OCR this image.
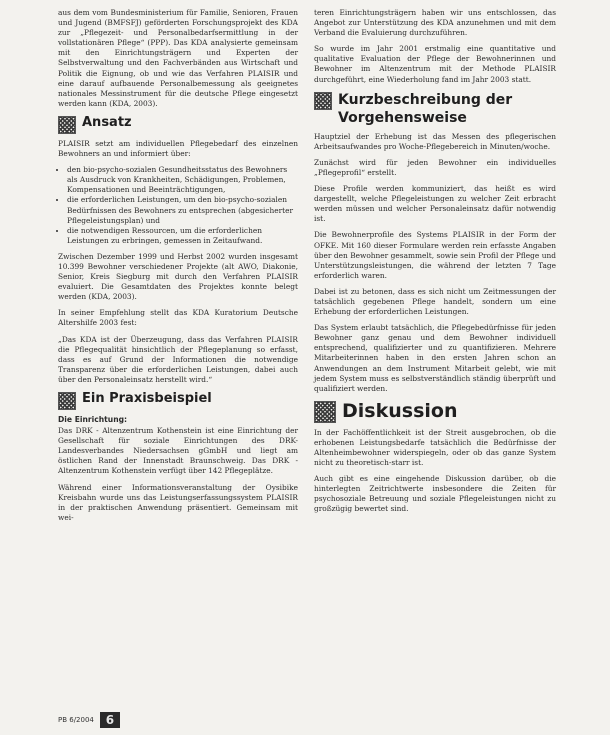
aus dem vom Bundesministerium für Familie, Senioren, Frauen und Jugend (BMFSFJ) geförderten Forschungsprojekt des KDA zur „Pflegezeit- und Personalbedarfsermittlung in der vollstationären Pflege“ (PPP). Das KDA analysierte gemeinsam mit den Einrichtungsträgern und Experten der Selbstverwaltung und den Fachverbänden aus Wirtschaft und Politik die Eignung, ob und wie das Verfahren PLAISIR und eine darauf aufbauende Personalbemessung als geeignetes nationales Messinstrument für die deutsche Pflege eingesetzt werden kann (KDA, 2003).

Ansatz

PLAISIR setzt am individuellen Pflegebedarf des einzelnen Bewohners an und informiert über:

• den bio-psycho-sozialen Gesundheitsstatus des Bewohners als Ausdruck von Krankheiten, Schädigungen, Problemen, Kompensationen und Beeinträchtigungen,
• die erforderlichen Leistungen, um den bio-psycho-sozialen Bedürfnissen des Bewohners zu entsprechen (abgesicherter Pflegeleistungsplan) und
• die notwendigen Ressourcen, um die erforderlichen Leistungen zu erbringen, gemessen in Zeitaufwand.

Zwischen Dezember 1999 und Herbst 2002 wurden insgesamt 10.399 Bewohner verschiedener Projekte (alt AWO, Diakonie, Senior, Kreis Siegburg mit durch den Verfahren PLAISIR evaluiert. Die Gesamtdaten des Projektes konnte belegt werden (KDA, 2003).

In seiner Empfehlung stellt das KDA Kuratorium Deutsche Altershilfe 2003 fest:

„Das KDA ist der Überzeugung, dass das Verfahren PLAISIR die Pflegequalität hinsichtlich der Pflegeplanung so erfasst, dass es auf Grund der Informationen die notwendige Transparenz über die erforderlichen Leistungen, dabei auch über den Personaleinsatz herstellt wird.“

Ein Praxisbeispiel
Die Einrichtung:

Das DRK - Altenzentrum Kothenstein ist eine Einrichtung der Gesellschaft für soziale Einrichtungen des DRK-Landesverbandes Niedersachsen gGmbH und liegt am östlichen Rand der Innenstadt Braunschweig. Das DRK - Altenzentrum Kothenstein verfügt über 142 Pflegeplätze.

Während einer Informationsveranstaltung der Oysibike Kreisbahn wurde uns das Leistungserfassungssystem PLAISIR in der praktischen Anwendung präsentiert. Gemeinsam mit wei-

teren Einrichtungsträgern haben wir uns entschlossen, das Angebot zur Unterstützung des KDA anzunehmen und mit dem Verband die Evaluierung durchzuführen.

So wurde im Jahr 2001 erstmalig eine quantitative und qualitative Evaluation der Pflege der Bewohnerinnen und Bewohner im Altenzentrum mit der Methode PLAISIR durchgeführt, eine Wiederholung fand im Jahr 2003 statt.

Kurzbeschreibung der Vorgehensweise

Hauptziel der Erhebung ist das Messen des pflegerischen Arbeitsaufwandes pro Woche-Pflegebereich in Minuten/woche.

Zunächst wird für jeden Bewohner ein individuelles „Pflegeprofil“ erstellt.

Diese Profile werden kommuniziert, das heißt es wird dargestellt, welche Pflegeleistungen zu welcher Zeit erbracht werden müssen und welcher Personaleinsatz dafür notwendig ist.

Die Bewohnerprofile des Systems PLAISIR in der Form der OFKE. Mit 160 dieser Formulare werden rein erfasste Angaben über den Bewohner gesammelt, sowie sein Profil der Pflege und Unterstützungsleistungen, die während der letzten 7 Tage erforderlich waren.

Dabei ist zu betonen, dass es sich nicht um Zeitmessungen der tatsächlich gegebenen Pflege handelt, sondern um eine Erhebung der erforderlichen Leistungen.

Das System erlaubt tatsächlich, die Pflegebedürfnisse für jeden Bewohner ganz genau und dem Bewohner individuell entsprechend, qualifizierter und zu quantifizieren. Mehrere Mitarbeiterinnen haben in den ersten Jahren schon an Anwendungen an dem Instrument Mitarbeit gelebt, wie mit jedem System muss es selbstverständlich ständig überprüft und qualifiziert werden.

Diskussion

In der Fachöffentlichkeit ist der Streit ausgebrochen, ob die erhobenen Leistungsbedarfe tatsächlich die Bedürfnisse der Altenheimbewohner widerspiegeln, oder ob das ganze System nicht zu theoretisch-starr ist.

Auch gibt es eine eingehende Diskussion darüber, ob die hinterlegten Zeitrichtwerte insbesondere die Zeiten für psychosoziale Betreuung und soziale Pflegeleistungen nicht zu großzügig bewertet sind.

PB 6/2004 6
